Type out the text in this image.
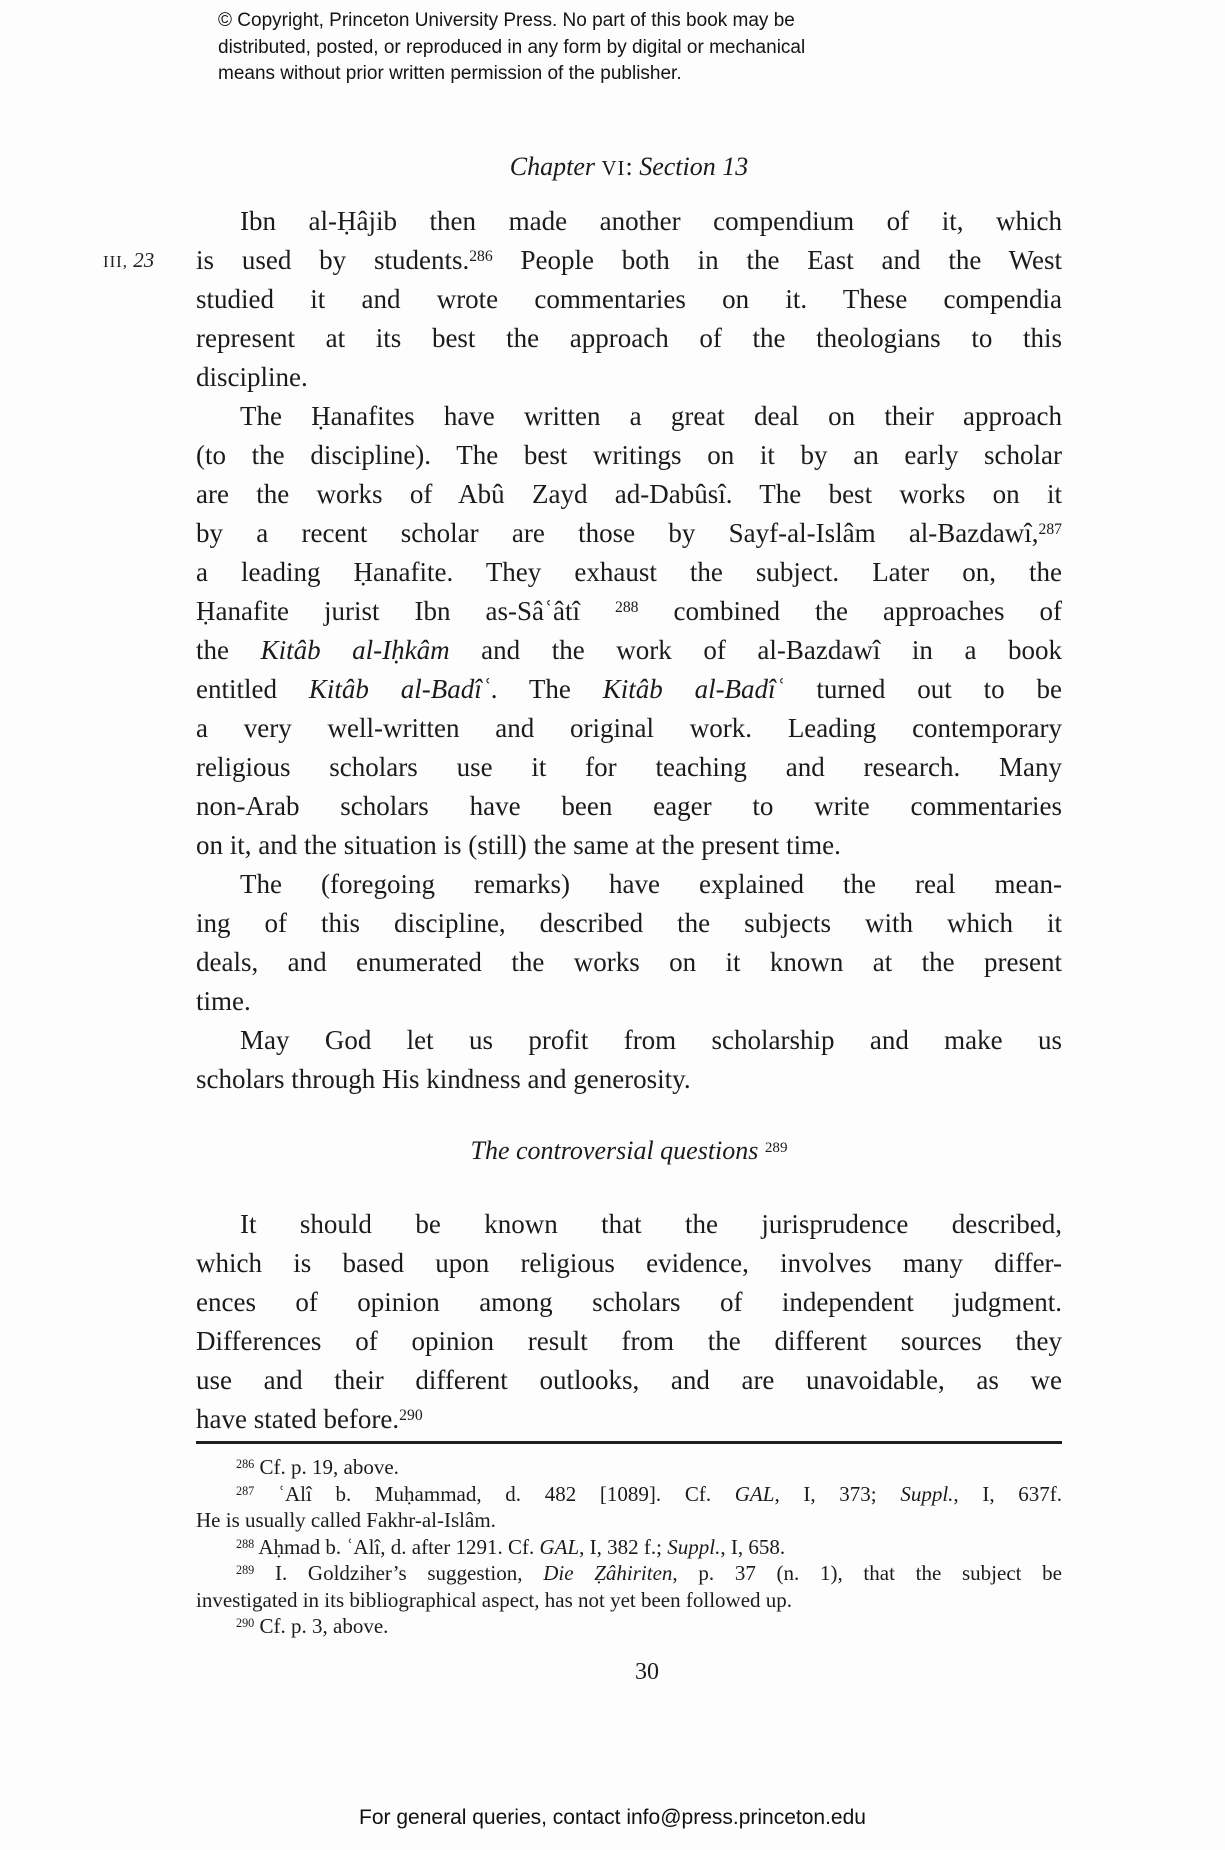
© Copyright, Princeton University Press. No part of this book may be
distributed, posted, or reproduced in any form by digital or mechanical
means without prior written permission of the publisher.
Chapter VI: Section 13
III, 23
Ibn al-Ḥâjib then made another compendium of it, which
is used by students.$^{286}$ People both in the East and the West
studied it and wrote commentaries on it. These compendia
represent at its best the approach of the theologians to this
discipline.
The Ḥanafites have written a great deal on their approach
(to the discipline). The best writings on it by an early scholar
are the works of Abû Zayd ad-Dabûsî. The best works on it
by a recent scholar are those by Sayf-al-Islâm al-Bazdawî,$^{287}$
a leading Ḥanafite. They exhaust the subject. Later on, the
Ḥanafite jurist Ibn as-Sâʿâtî $^{288}$ combined the approaches of
the Kitâb al-Iḥkâm and the work of al-Bazdawî in a book
entitled Kitâb al-Badîʿ. The Kitâb al-Badîʿ turned out to be
a very well-written and original work. Leading contemporary
religious scholars use it for teaching and research. Many
non-Arab scholars have been eager to write commentaries
on it, and the situation is (still) the same at the present time.
The (foregoing remarks) have explained the real mean-
ing of this discipline, described the subjects with which it
deals, and enumerated the works on it known at the present
time.
May God let us profit from scholarship and make us
scholars through His kindness and generosity.
The controversial questions $^{289}$
It should be known that the jurisprudence described,
which is based upon religious evidence, involves many differ-
ences of opinion among scholars of independent judgment.
Differences of opinion result from the different sources they
use and their different outlooks, and are unavoidable, as we
have stated before.$^{290}$
$^{286}$ Cf. p. 19, above.
$^{287}$ ʿAlî b. Muḥammad, d. 482 [1089]. Cf. GAL, I, 373; Suppl., I, 637f.
He is usually called Fakhr-al-Islâm.
$^{288}$ Aḥmad b. ʿAlî, d. after 1291. Cf. GAL, I, 382 f.; Suppl., I, 658.
$^{289}$ I. Goldziher’s suggestion, Die Ẓâhiriten, p. 37 (n. 1), that the subject be
investigated in its bibliographical aspect, has not yet been followed up.
$^{290}$ Cf. p. 3, above.
30
For general queries, contact info@press.princeton.edu
